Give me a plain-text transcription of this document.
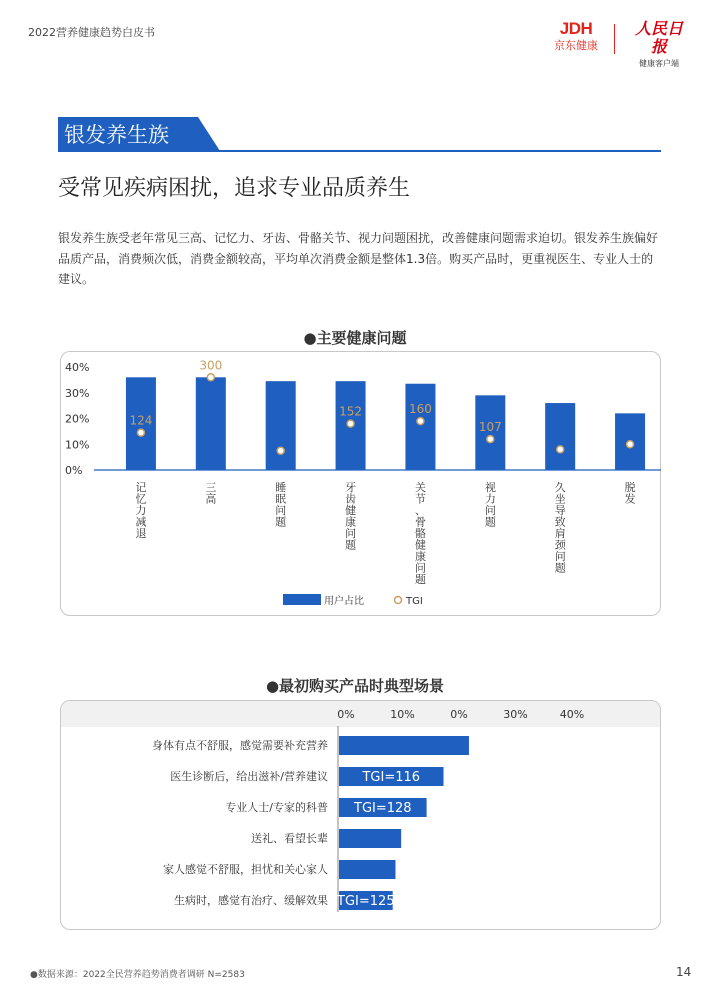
2022营养健康趋势白皮书	JDH
京东健康
人民日报
健康客户端
银发养生族
受常见疾病困扰，追求专业品质养生
银发养生族受老年常见三高、记忆力、牙齿、骨骼关节、视力问题困扰，改善健康问题需求迫切。银发养生族偏好品质产品，消费频次低，消费金额较高，平均单次消费金额是整体1.3倍。购买产品时，更重视医生、专业人士的建议。
●主要健康问题
40%
30%
20%
10%
0%
124
记忆力减退
300
三高
睡眠问题
152
牙齿健康问题
160
关节、骨骼健康问题
107
视力问题
久坐导致肩颈问题
脱发
用户占比	TGI
●最初购买产品时典型场景
0%	10%	0%	30%	40%
身体有点不舒服，感觉需要补充营养
医生诊断后，给出滋补/营养建议	TGI=116
专业人士/专家的科普 TGI=128
送礼、看望长辈
家人感觉不舒服，担忧和关心家人
生病时，感觉有治疗、缓解效果 TGI=125
●数据来源：2022全民营养趋势消费者调研 N=2583	14
